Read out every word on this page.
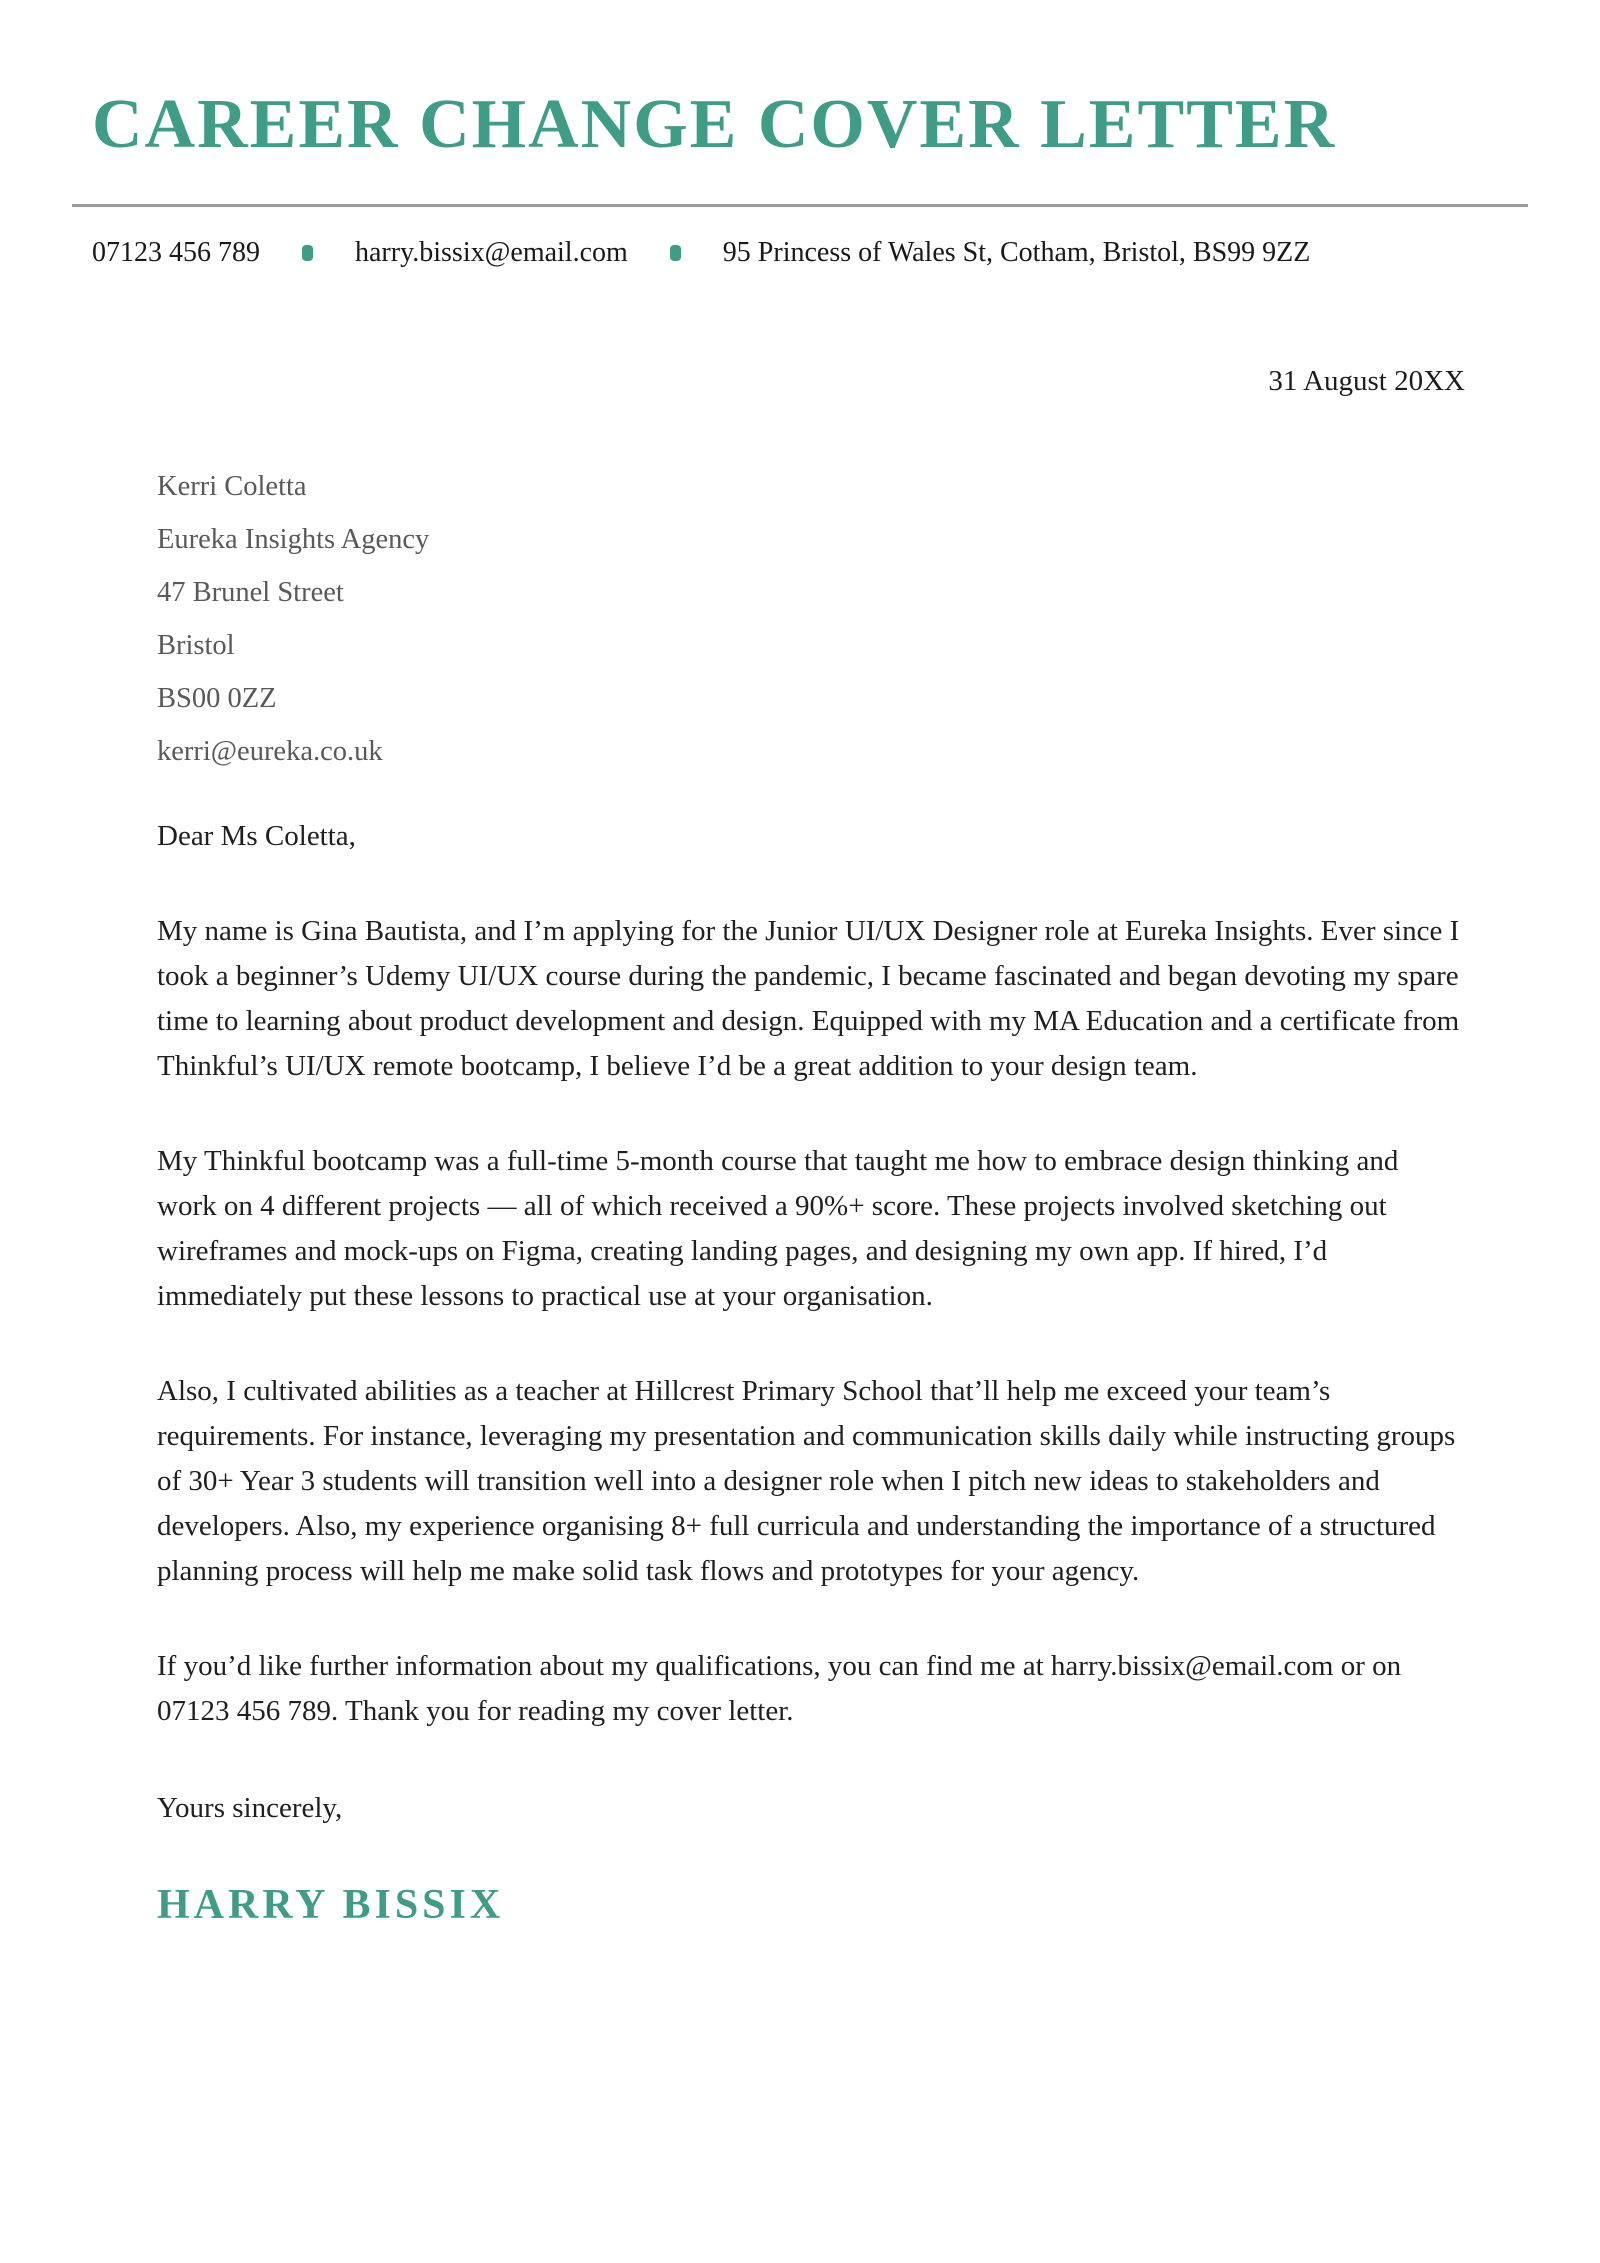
CAREER CHANGE COVER LETTER
07123 456 789	harry.bissix@email.com	95 Princess of Wales St, Cotham, Bristol, BS99 9ZZ
31 August 20XX
Kerri Coletta
Eureka Insights Agency
47 Brunel Street
Bristol
BS00 0ZZ
kerri@eureka.co.uk

Dear Ms Coletta,

My name is Gina Bautista, and I’m applying for the Junior UI/UX Designer role at Eureka Insights. Ever since I took a beginner’s Udemy UI/UX course during the pandemic, I became fascinated and began devoting my spare time to learning about product development and design. Equipped with my MA Education and a certificate from Thinkful’s UI/UX remote bootcamp, I believe I’d be a great addition to your design team.

My Thinkful bootcamp was a full-time 5-month course that taught me how to embrace design thinking and work on 4 different projects — all of which received a 90%+ score. These projects involved sketching out wireframes and mock-ups on Figma, creating landing pages, and designing my own app. If hired, I’d immediately put these lessons to practical use at your organisation.

Also, I cultivated abilities as a teacher at Hillcrest Primary School that’ll help me exceed your team’s requirements. For instance, leveraging my presentation and communication skills daily while instructing groups of 30+ Year 3 students will transition well into a designer role when I pitch new ideas to stakeholders and developers. Also, my experience organising 8+ full curricula and understanding the importance of a structured planning process will help me make solid task flows and prototypes for your agency.

If you’d like further information about my qualifications, you can find me at harry.bissix@email.com or on 07123 456 789. Thank you for reading my cover letter.

Yours sincerely,

HARRY BISSIX
